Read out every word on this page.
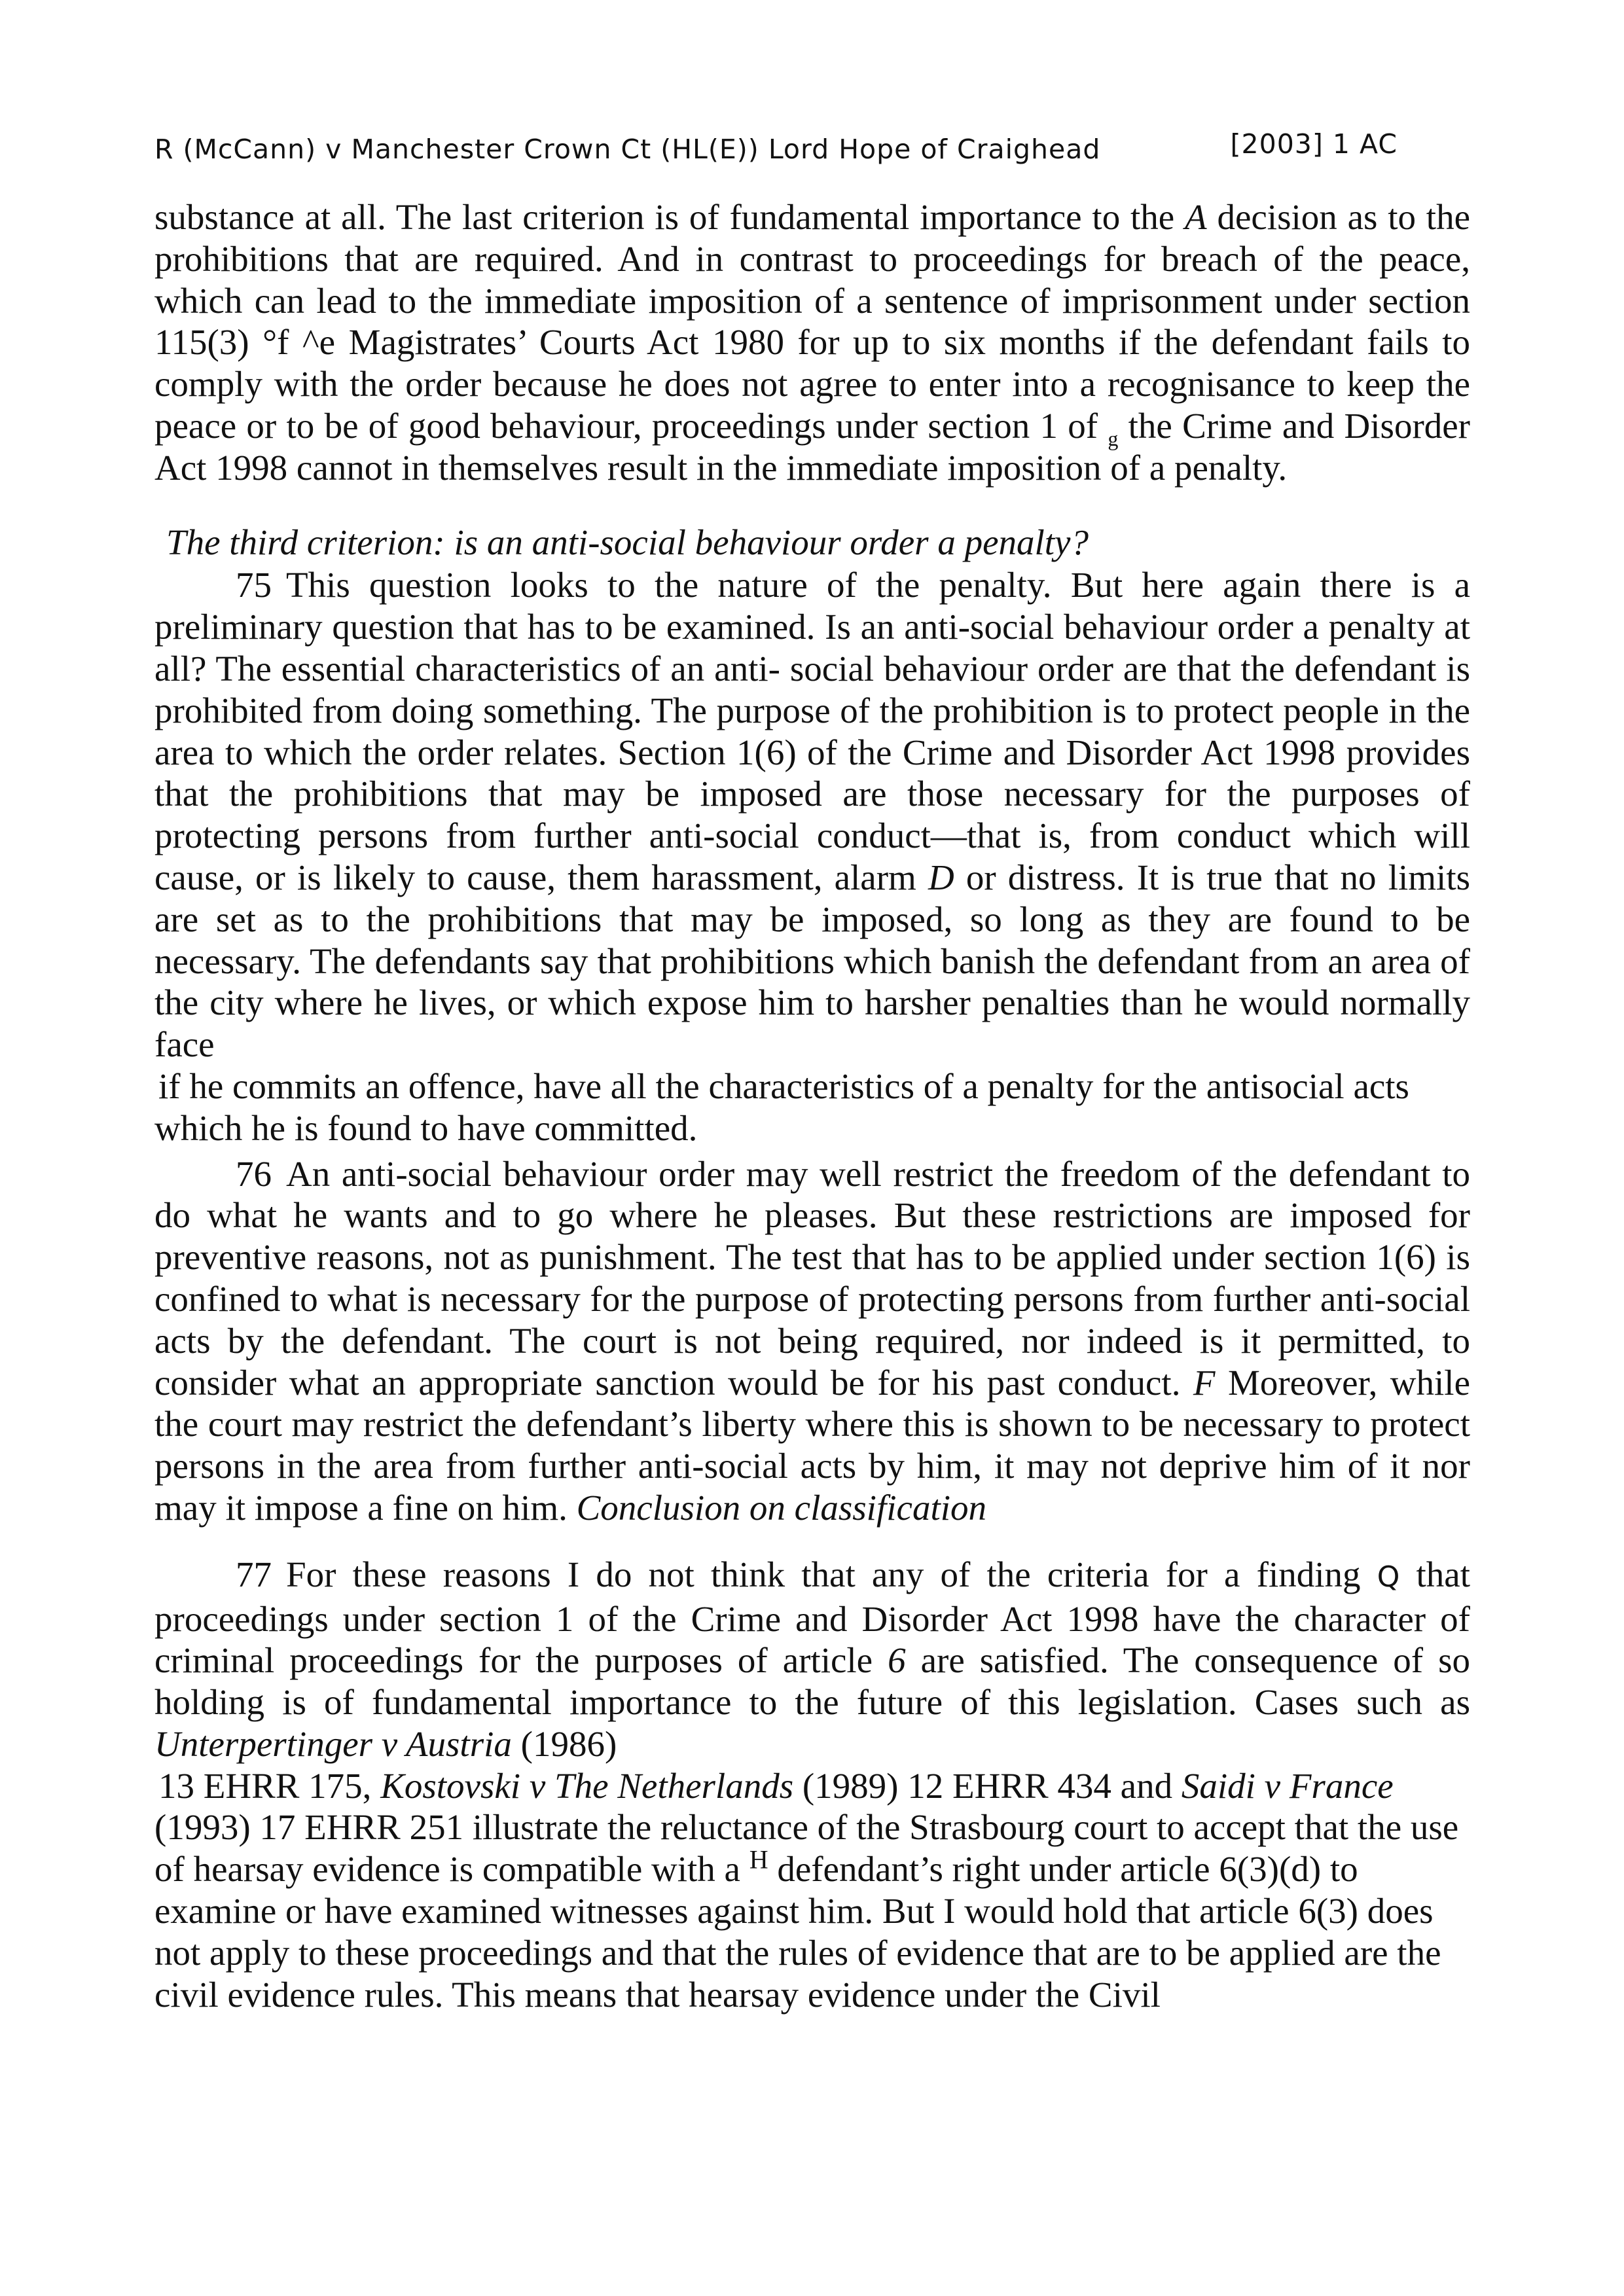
R (McCann) v Manchester Crown Ct (HL(E)) Lord Hope of Craighead	[2003] 1 AC

substance at all. The last criterion is of fundamental importance to the A decision as to the prohibitions that are required. And in contrast to proceedings for breach of the peace, which can lead to the immediate imposition of a sentence of imprisonment under section 115(3) °f ^e Magistrates’ Courts Act 1980 for up to six months if the defendant fails to comply with the order because he does not agree to enter into a recognisance to keep the peace or to be of good behaviour, proceedings under section 1 of $_g$ the Crime and Disorder Act 1998 cannot in themselves result in the immediate imposition of a penalty.

The third criterion: is an anti-social behaviour order a penalty?

75 This question looks to the nature of the penalty. But here again there is a preliminary question that has to be examined. Is an anti-social behaviour order a penalty at all? The essential characteristics of an anti- social behaviour order are that the defendant is prohibited from doing something. The purpose of the prohibition is to protect people in the area to which the order relates. Section 1(6) of the Crime and Disorder Act 1998 provides that the prohibitions that may be imposed are those necessary for the purposes of protecting persons from further anti-social conduct—that is, from conduct which will cause, or is likely to cause, them harassment, alarm D or distress. It is true that no limits are set as to the prohibitions that may be imposed, so long as they are found to be necessary. The defendants say that prohibitions which banish the defendant from an area of the city where he lives, or which expose him to harsher penalties than he would normally face

if he commits an offence, have all the characteristics of a penalty for the antisocial acts which he is found to have committed.

76 An anti-social behaviour order may well restrict the freedom of the defendant to do what he wants and to go where he pleases. But these restrictions are imposed for preventive reasons, not as punishment. The test that has to be applied under section 1(6) is confined to what is necessary for the purpose of protecting persons from further anti-social acts by the defendant. The court is not being required, nor indeed is it permitted, to consider what an appropriate sanction would be for his past conduct. F Moreover, while the court may restrict the defendant’s liberty where this is shown to be necessary to protect persons in the area from further anti-social acts by him, it may not deprive him of it nor may it impose a fine on him. Conclusion on classification

77 For these reasons I do not think that any of the criteria for a finding Q that proceedings under section 1 of the Crime and Disorder Act 1998 have the character of criminal proceedings for the purposes of article 6 are satisfied. The consequence of so holding is of fundamental importance to the future of this legislation. Cases such as Unterpertinger v Austria (1986)

13 EHRR 175, Kostovski v The Netherlands (1989) 12 EHRR 434 and Saidi v France (1993) 17 EHRR 251 illustrate the reluctance of the Strasbourg court to accept that the use of hearsay evidence is compatible with a $^H$ defendant’s right under article 6(3)(d) to examine or have examined witnesses against him. But I would hold that article 6(3) does not apply to these proceedings and that the rules of evidence that are to be applied are the civil evidence rules. This means that hearsay evidence under the Civil
